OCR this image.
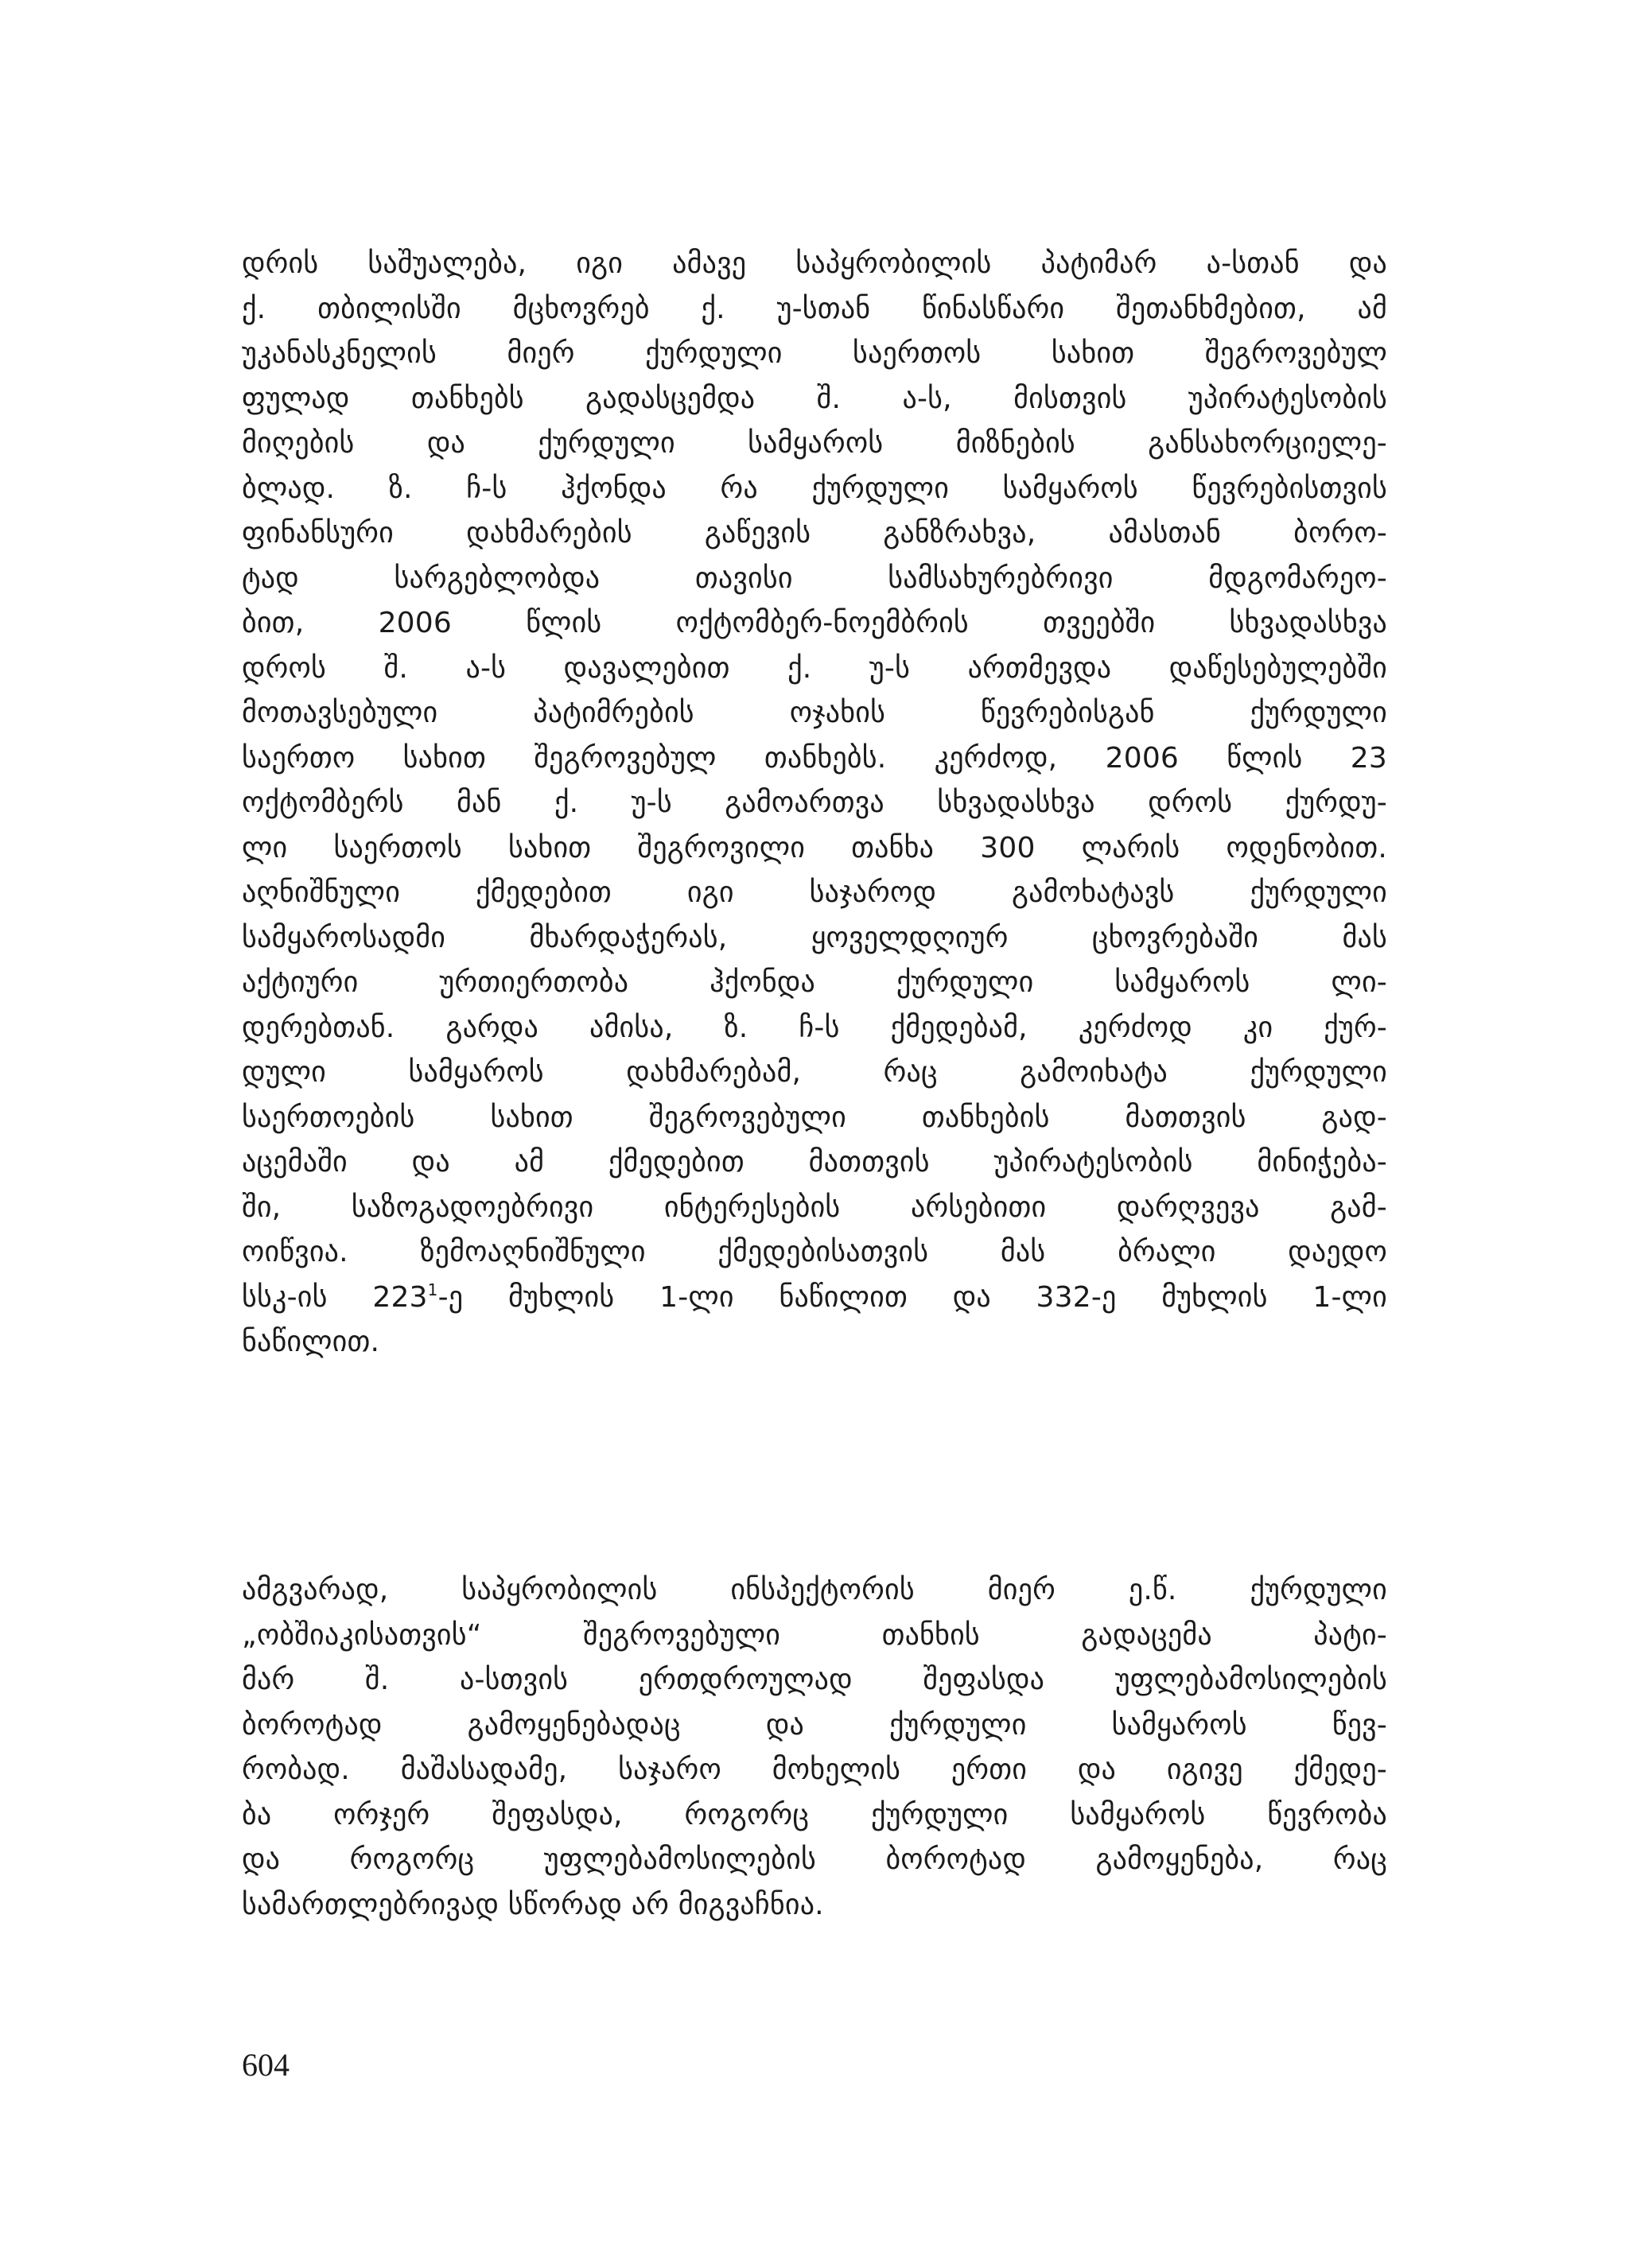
დრის საშუალება, იგი ამავე საპყრობილის პატიმარ ა-სთან და
ქ. თბილისში მცხოვრებ ქ. უ-სთან წინასწარი შეთანხმებით, ამ
უკანასკნელის მიერ ქურდული საერთოს სახით შეგროვებულ
ფულად თანხებს გადასცემდა შ. ა-ს, მისთვის უპირატესობის
მიღების და ქურდული სამყაროს მიზნების განსახორციელე-
ბლად. ზ. ჩ-ს ჰქონდა რა ქურდული სამყაროს წევრებისთვის
ფინანსური დახმარების გაწევის განზრახვა, ამასთან ბორო-
ტად სარგებლობდა თავისი სამსახურებრივი მდგომარეო-
ბით, 2006 წლის ოქტომბერ-ნოემბრის თვეებში სხვადასხვა
დროს შ. ა-ს დავალებით ქ. უ-ს ართმევდა დაწესებულებში
მოთავსებული პატიმრების ოჯახის წევრებისგან ქურდული
საერთო სახით შეგროვებულ თანხებს. კერძოდ, 2006 წლის 23
ოქტომბერს მან ქ. უ-ს გამოართვა სხვადასხვა დროს ქურდუ-
ლი საერთოს სახით შეგროვილი თანხა 300 ლარის ოდენობით.
აღნიშნული ქმედებით იგი საჯაროდ გამოხატავს ქურდული
სამყაროსადმი მხარდაჭერას, ყოველდღიურ ცხოვრებაში მას
აქტიური ურთიერთობა ჰქონდა ქურდული სამყაროს ლი-
დერებთან. გარდა ამისა, ზ. ჩ-ს ქმედებამ, კერძოდ კი ქურ-
დული სამყაროს დახმარებამ, რაც გამოიხატა ქურდული
საერთოების სახით შეგროვებული თანხების მათთვის გად-
აცემაში და ამ ქმედებით მათთვის უპირატესობის მინიჭება-
ში, საზოგადოებრივი ინტერესების არსებითი დარღვევა გამ-
ოიწვია. ზემოაღნიშნული ქმედებისათვის მას ბრალი დაედო
სსკ-ის $223^1-ე$ მუხლის 1-ლი ნაწილით და 332-ე მუხლის 1-ლი
ნაწილით.
ამგვარად, საპყრობილის ინსპექტორის მიერ ე.წ. ქურდული
„ობშიაკისათვის“ შეგროვებული თანხის გადაცემა პატი-
მარ შ. ა-სთვის ერთდროულად შეფასდა უფლებამოსილების
ბოროტად გამოყენებადაც და ქურდული სამყაროს წევ-
რობად. მაშასადამე, საჯარო მოხელის ერთი და იგივე ქმედე-
ბა ორჯერ შეფასდა, როგორც ქურდული სამყაროს წევრობა
და როგორც უფლებამოსილების ბოროტად გამოყენება, რაც
სამართლებრივად სწორად არ მიგვაჩნია.
604
